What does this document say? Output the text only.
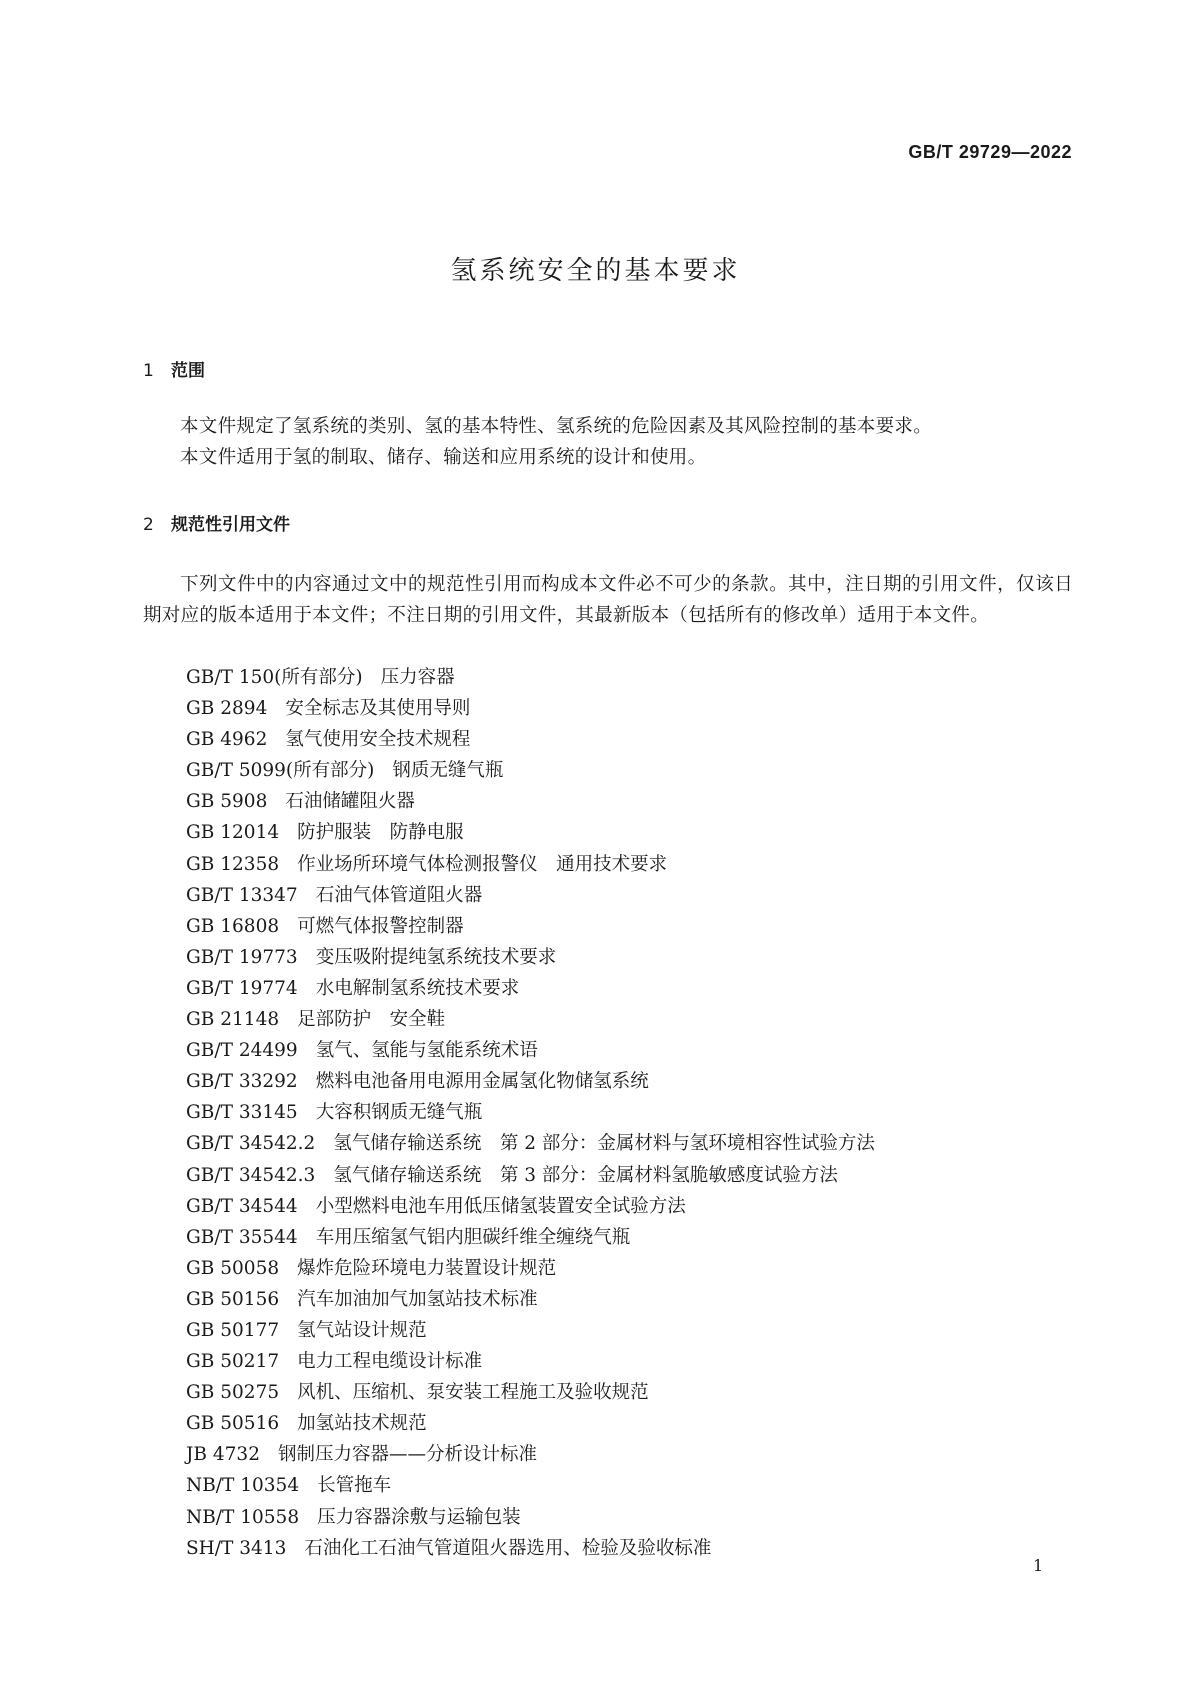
GB/T 29729—2022
氢系统安全的基本要求
1 范围

本文件规定了氢系统的类别、氢的基本特性、氢系统的危险因素及其风险控制的基本要求。

本文件适用于氢的制取、储存、输送和应用系统的设计和使用。

2 规范性引用文件

下列文件中的内容通过文中的规范性引用而构成本文件必不可少的条款。其中，注日期的引用文件，仅该日期对应的版本适用于本文件；不注日期的引用文件，其最新版本（包括所有的修改单）适用于本文件。

GB/T 150(所有部分) 压力容器
GB 2894 安全标志及其使用导则
GB 4962 氢气使用安全技术规程
GB/T 5099(所有部分) 钢质无缝气瓶
GB 5908 石油储罐阻火器
GB 12014 防护服装　防静电服
GB 12358 作业场所环境气体检测报警仪　通用技术要求
GB/T 13347 石油气体管道阻火器
GB 16808 可燃气体报警控制器
GB/T 19773 变压吸附提纯氢系统技术要求
GB/T 19774 水电解制氢系统技术要求
GB 21148 足部防护　安全鞋
GB/T 24499 氢气、氢能与氢能系统术语
GB/T 33292 燃料电池备用电源用金属氢化物储氢系统
GB/T 33145 大容积钢质无缝气瓶
GB/T 34542.2 氢气储存输送系统　第 2 部分：金属材料与氢环境相容性试验方法
GB/T 34542.3 氢气储存输送系统　第 3 部分：金属材料氢脆敏感度试验方法
GB/T 34544 小型燃料电池车用低压储氢装置安全试验方法
GB/T 35544 车用压缩氢气铝内胆碳纤维全缠绕气瓶
GB 50058 爆炸危险环境电力装置设计规范
GB 50156 汽车加油加气加氢站技术标准
GB 50177 氢气站设计规范
GB 50217 电力工程电缆设计标准
GB 50275 风机、压缩机、泵安装工程施工及验收规范
GB 50516 加氢站技术规范
JB 4732 钢制压力容器——分析设计标准
NB/T 10354 长管拖车
NB/T 10558 压力容器涂敷与运输包装
SH/T 3413 石油化工石油气管道阻火器选用、检验及验收标准
1
